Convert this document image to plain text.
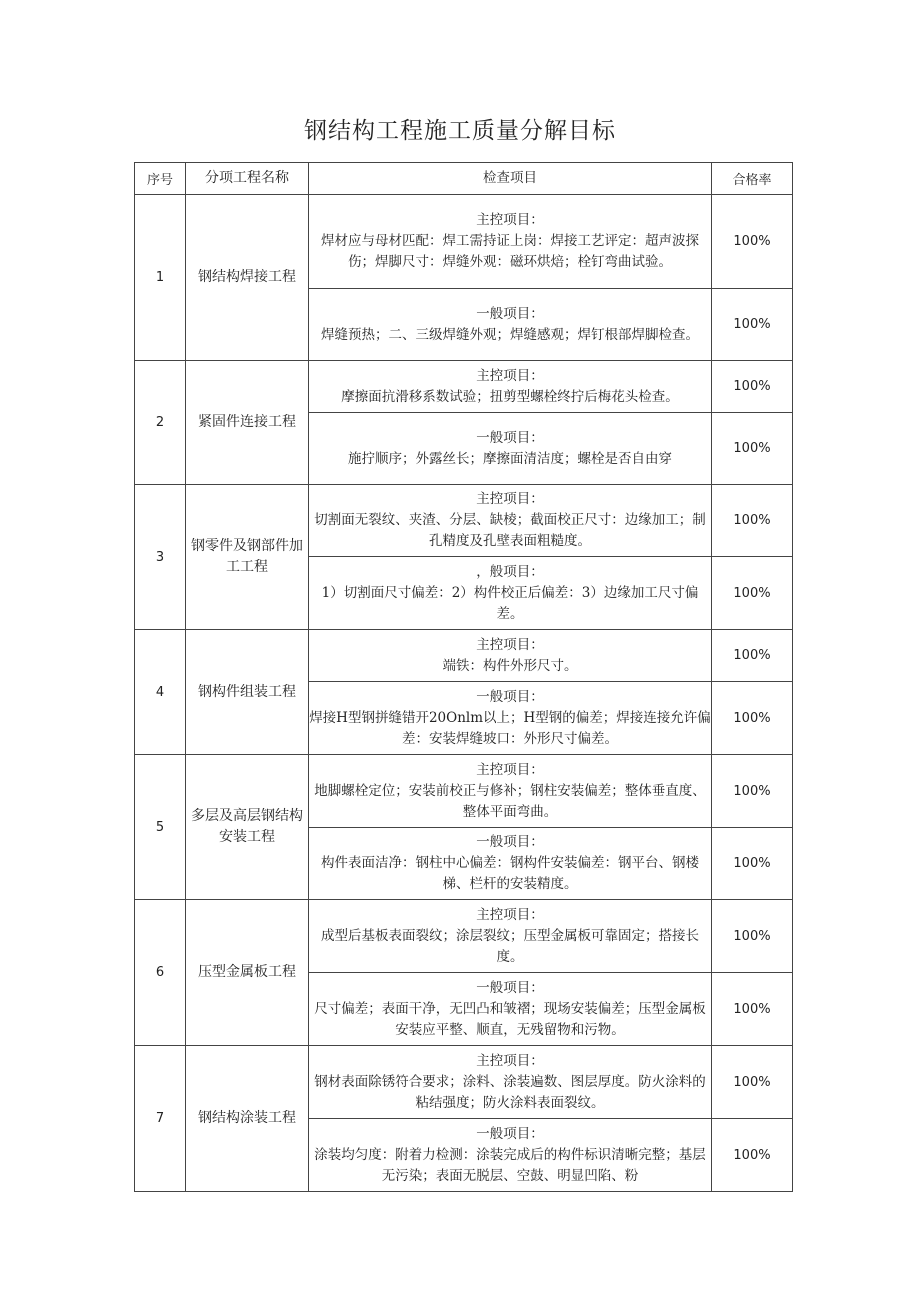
钢结构工程施工质量分解目标
序号	分项工程名称	检查项目	合格率
1	钢结构焊接工程	主控项目：
焊材应与母材匹配：焊工需持证上岗：焊接工艺评定：超声波探伤；焊脚尺寸：焊缝外观：磁环烘焙；栓钉弯曲试验。	100%

		一般项目：
焊缝预热；二、三级焊缝外观；焊缝感观；焊钉根部焊脚检查。	100%
2	紧固件连接工程	主控项目：
摩擦面抗滑移系数试验；扭剪型螺栓终拧后梅花头检查。	100%

		一般项目：
施拧顺序；外露丝长；摩擦面清洁度；螺栓是否自由穿	100%
3	钢零件及钢部件加工工程	主控项目：
切割面无裂纹、夹渣、分层、缺棱；截面校正尺寸：边缘加工；制孔精度及孔壁表面粗糙度。	100%

		，般项目：
1）切割面尺寸偏差：2）构件校正后偏差：3）边缘加工尺寸偏差。	100%
4	钢构件组装工程	主控项目：
端铁：构件外形尺寸。	100%

		一般项目：
焊接H型钢拼缝错开20Onlm以上；H型钢的偏差；焊接连接允许偏差：安装焊缝坡口：外形尺寸偏差。	100%
5	多层及高层钢结构安装工程	主控项目：
地脚螺栓定位；安装前校正与修补；钢柱安装偏差；整体垂直度、整体平面弯曲。	100%

		一般项目：
构件表面洁净：钢柱中心偏差：钢构件安装偏差：钢平台、钢楼梯、栏杆的安装精度。	100%
6	压型金属板工程	主控项目：
成型后基板表面裂纹；涂层裂纹；压型金属板可靠固定；搭接长度。	100%

		一般项目：
尺寸偏差；表面干净，无凹凸和皱褶；现场安装偏差；压型金属板安装应平整、顺直，无残留物和污物。	100%
7	钢结构涂装工程	主控项目：
钢材表面除锈符合要求；涂料、涂装遍数、图层厚度。防火涂料的粘结强度；防火涂料表面裂纹。	100%

		一般项目：
涂装均匀度：附着力检测：涂装完成后的构件标识清晰完整；基层无污染；表面无脱层、空鼓、明显凹陷、粉	100%
